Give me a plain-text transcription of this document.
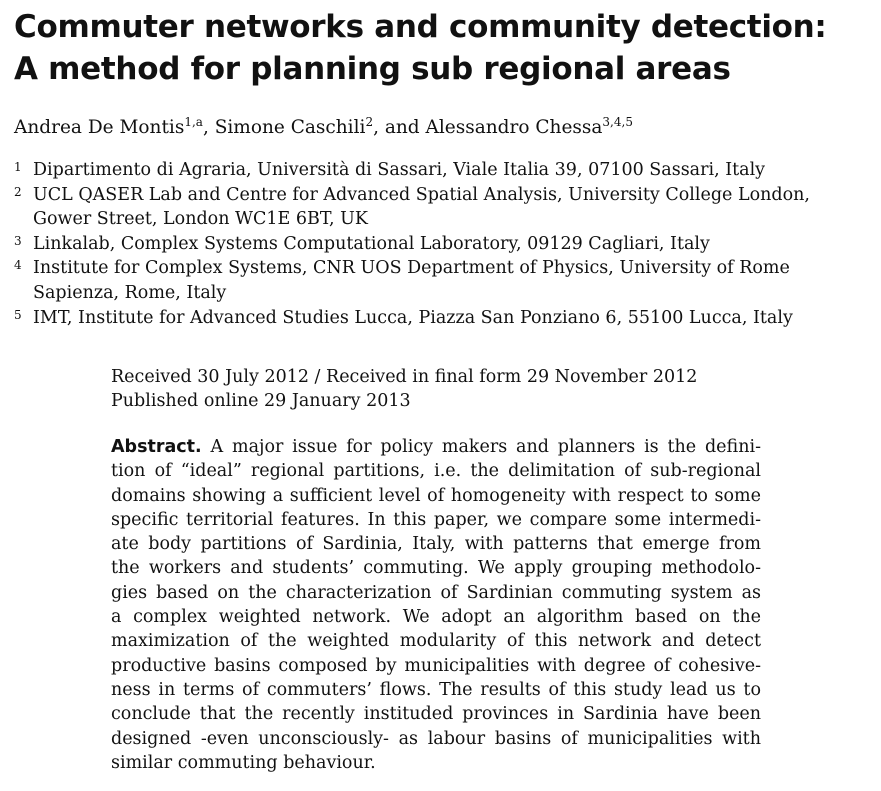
Commuter networks and community detection:
A method for planning sub regional areas
Andrea De Montis$^{1,a}$, Simone Caschili$^2$, and Alessandro Chessa$^{3,4,5}$
1 Dipartimento di Agraria, Università di Sassari, Viale Italia 39, 07100 Sassari, Italy
2 UCL QASER Lab and Centre for Advanced Spatial Analysis, University College London,
Gower Street, London WC1E 6BT, UK
3 Linkalab, Complex Systems Computational Laboratory, 09129 Cagliari, Italy
4 Institute for Complex Systems, CNR UOS Department of Physics, University of Rome
Sapienza, Rome, Italy
5 IMT, Institute for Advanced Studies Lucca, Piazza San Ponziano 6, 55100 Lucca, Italy
Received 30 July 2012 / Received in final form 29 November 2012
Published online 29 January 2013
Abstract. A major issue for policy makers and planners is the defini-
tion of “ideal” regional partitions, i.e. the delimitation of sub-regional
domains showing a sufficient level of homogeneity with respect to some
specific territorial features. In this paper, we compare some intermedi-
ate body partitions of Sardinia, Italy, with patterns that emerge from
the workers and students’ commuting. We apply grouping methodolo-
gies based on the characterization of Sardinian commuting system as
a complex weighted network. We adopt an algorithm based on the
maximization of the weighted modularity of this network and detect
productive basins composed by municipalities with degree of cohesive-
ness in terms of commuters’ flows. The results of this study lead us to
conclude that the recently instituded provinces in Sardinia have been
designed -even unconsciously- as labour basins of municipalities with
similar commuting behaviour.
